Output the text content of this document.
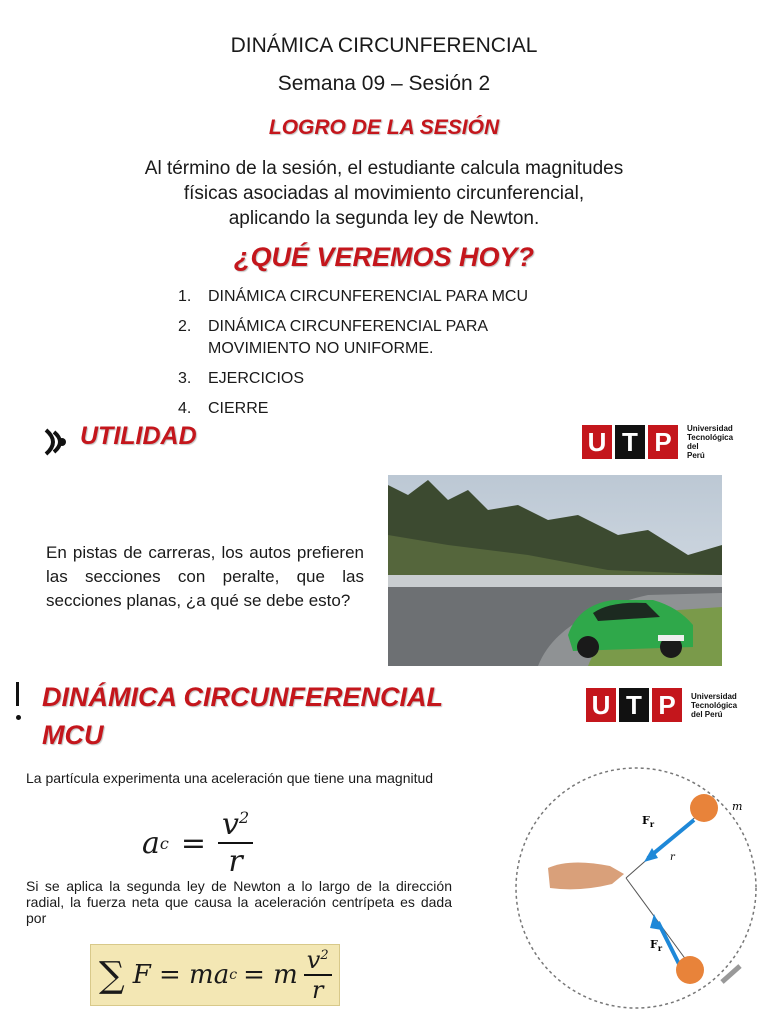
DINÁMICA CIRCUNFERENCIAL
Semana 09 – Sesión 2
LOGRO DE LA SESIÓN
Al término de la sesión, el estudiante calcula magnitudes
físicas asociadas al movimiento circunferencial,
aplicando la segunda ley de Newton.
¿QUÉ VEREMOS HOY?
1.	DINÁMICA CIRCUNFERENCIAL PARA MCU
2.	DINÁMICA CIRCUNFERENCIAL PARA MOVIMIENTO NO UNIFORME.
3.	EJERCICIOS
4.	CIERRE
UTILIDAD	U T P	Universidad
Tecnológica
del Perú
En pistas de carreras, los autos prefieren las secciones con peralte, que las secciones planas, ¿a qué se debe esto?
DINÁMICA CIRCUNFERENCIAL
MCU
U T P	Universidad
Tecnológica
del Perú
La partícula experimenta una aceleración que tiene una magnitud
a $c = \frac{v^2}{r}$
Si se aplica la segunda ley de Newton a lo largo de la dirección radial, la fuerza neta que causa la aceleración centrípeta es dada por
∑ F = ma c = m $v^2$
r
$F_r$
$F_r$
m
r
